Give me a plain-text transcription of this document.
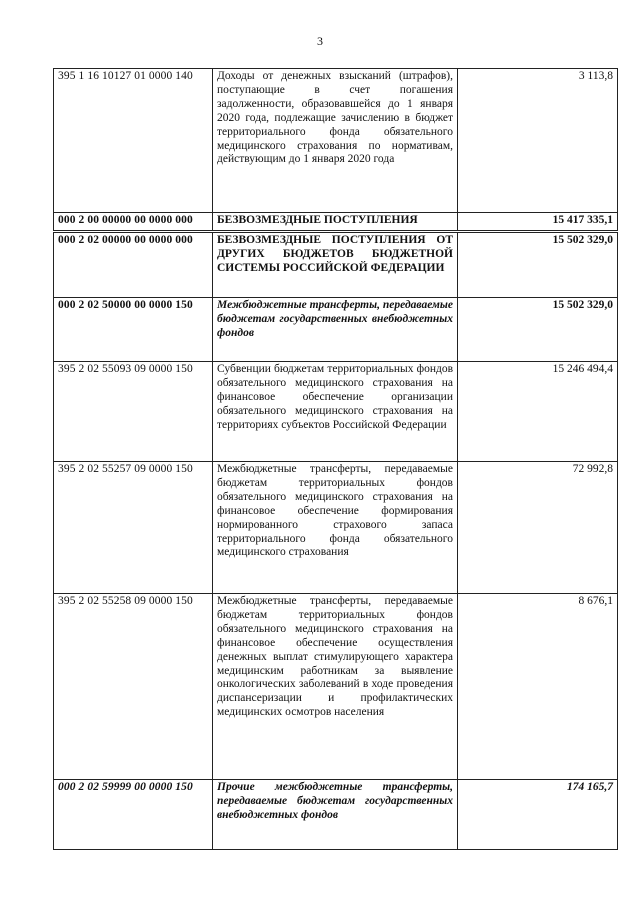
3
395 1 16 10127 01 0000 140	Доходы от денежных взысканий (штрафов), поступающие в счет погашения задолженности, образовавшейся до 1 января 2020 года, подлежащие зачислению в бюджет территориального фонда обязательного медицинского страхования по нормативам, действующим до 1 января 2020 года	3 113,8
000 2 00 00000 00 0000 000	БЕЗВОЗМЕЗДНЫЕ ПОСТУПЛЕНИЯ	15 417 335,1
000 2 02 00000 00 0000 000	БЕЗВОЗМЕЗДНЫЕ ПОСТУПЛЕНИЯ ОТ ДРУГИХ БЮДЖЕТОВ БЮДЖЕТНОЙ СИСТЕМЫ РОССИЙСКОЙ ФЕДЕРАЦИИ	15 502 329,0
000 2 02 50000 00 0000 150	Межбюджетные трансферты, передаваемые бюджетам государственных внебюджетных фондов	15 502 329,0
395 2 02 55093 09 0000 150	Субвенции бюджетам территориальных фондов обязательного медицинского страхования на финансовое обеспечение организации обязательного медицинского страхования на территориях субъектов Российской Федерации	15 246 494,4
395 2 02 55257 09 0000 150	Межбюджетные трансферты, передаваемые бюджетам территориальных фондов обязательного медицинского страхования на финансовое обеспечение формирования нормированного страхового запаса территориального фонда обязательного медицинского страхования	72 992,8
395 2 02 55258 09 0000 150	Межбюджетные трансферты, передаваемые бюджетам территориальных фондов обязательного медицинского страхования на финансовое обеспечение осуществления денежных выплат стимулирующего характера медицинским работникам за выявление онкологических заболеваний в ходе проведения диспансеризации и профилактических медицинских осмотров населения	8 676,1
000 2 02 59999 00 0000 150	Прочие межбюджетные трансферты, передаваемые бюджетам государственных внебюджетных фондов	174 165,7
